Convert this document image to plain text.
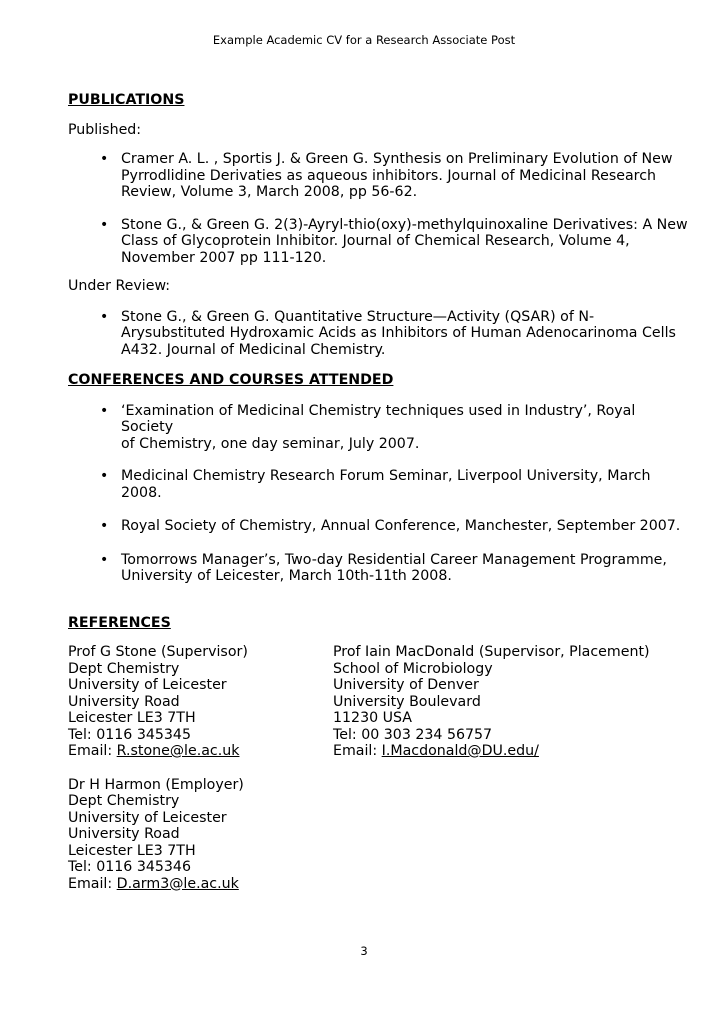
Example Academic CV for a Research Associate Post

PUBLICATIONS

Published:

• Cramer A. L. , Sportis J. & Green G. Synthesis on Preliminary Evolution of New
Pyrrodlidine Derivaties as aqueous inhibitors. Journal of Medicinal Research
Review, Volume 3, March 2008, pp 56-62.
• Stone G., & Green G. 2(3)-Ayryl-thio(oxy)-methylquinoxaline Derivatives: A New
Class of Glycoprotein Inhibitor. Journal of Chemical Research, Volume 4,
November 2007 pp 111-120.

Under Review:

• Stone G., & Green G. Quantitative Structure—Activity (QSAR) of N-
Arysubstituted Hydroxamic Acids as Inhibitors of Human Adenocarinoma Cells
A432. Journal of Medicinal Chemistry.

CONFERENCES AND COURSES ATTENDED

• ‘Examination of Medicinal Chemistry techniques used in Industry’, Royal Society
of Chemistry, one day seminar, July 2007.
• Medicinal Chemistry Research Forum Seminar, Liverpool University, March 2008.
• Royal Society of Chemistry, Annual Conference, Manchester, September 2007.
• Tomorrows Manager’s, Two-day Residential Career Management Programme,
University of Leicester, March 10th-11th 2008.

REFERENCES

Prof G Stone (Supervisor)

Dept Chemistry

University of Leicester

University Road

Leicester LE3 7TH

Tel: 0116 345345

Email: R.stone@le.ac.uk

Prof Iain MacDonald (Supervisor, Placement)

School of Microbiology

University of Denver

University Boulevard

11230 USA

Tel: 00 303 234 56757

Email: I.Macdonald@DU.edu/

Dr H Harmon (Employer)

Dept Chemistry

University of Leicester

University Road

Leicester LE3 7TH

Tel: 0116 345346

Email: D.arm3@le.ac.uk

3
